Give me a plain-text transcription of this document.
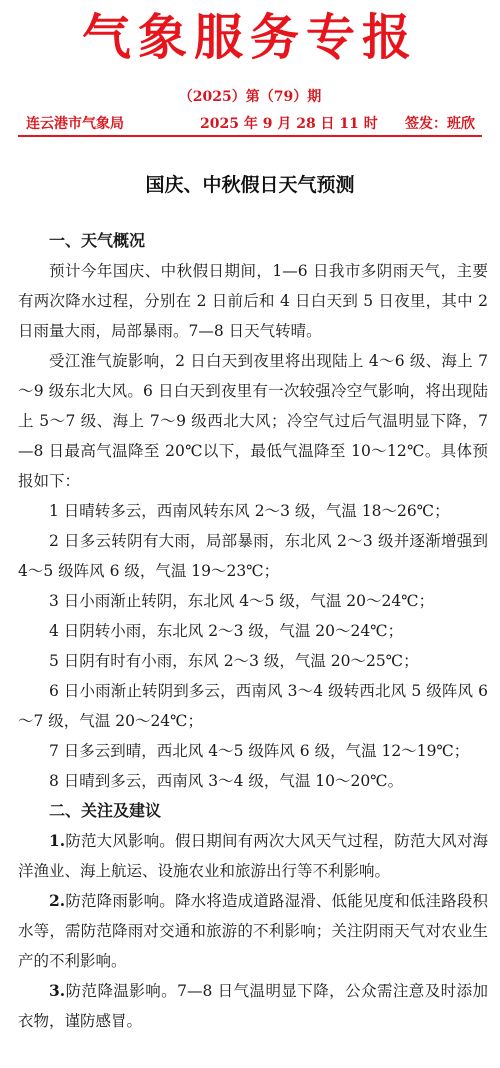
气象服务专报
（2025）第（79）期
连云港市气象局	2025 年 9 月 28 日 11 时 签发：班欣
国庆、中秋假日天气预测
一、天气概况
预计今年国庆、中秋假日期间，1—6 日我市多阴雨天气，主要有两次降水过程，分别在 2 日前后和 4 日白天到 5 日夜里，其中 2 日雨量大雨，局部暴雨。7—8 日天气转晴。
受江淮气旋影响，2 日白天到夜里将出现陆上 4～6 级、海上 7～9 级东北大风。6 日白天到夜里有一次较强冷空气影响，将出现陆上 5～7 级、海上 7～9 级西北大风；冷空气过后气温明显下降，7—8 日最高气温降至 20℃以下，最低气温降至 10～12℃。具体预报如下：
1 日晴转多云，西南风转东风 2～3 级，气温 18～26℃；
2 日多云转阴有大雨，局部暴雨，东北风 2～3 级并逐渐增强到 4～5 级阵风 6 级，气温 19～23℃；
3 日小雨渐止转阴，东北风 4～5 级，气温 20～24℃；
4 日阴转小雨，东北风 2～3 级，气温 20～24℃；
5 日阴有时有小雨，东风 2～3 级，气温 20～25℃；
6 日小雨渐止转阴到多云，西南风 3～4 级转西北风 5 级阵风 6～7 级，气温 20～24℃；
7 日多云到晴，西北风 4～5 级阵风 6 级，气温 12～19℃；
8 日晴到多云，西南风 3～4 级，气温 10～20℃。
二、关注及建议
1.防范大风影响。假日期间有两次大风天气过程，防范大风对海洋渔业、海上航运、设施农业和旅游出行等不利影响。
2.防范降雨影响。降水将造成道路湿滑、低能见度和低洼路段积水等，需防范降雨对交通和旅游的不利影响；关注阴雨天气对农业生产的不利影响。
3.防范降温影响。7—8 日气温明显下降，公众需注意及时添加衣物，谨防感冒。
